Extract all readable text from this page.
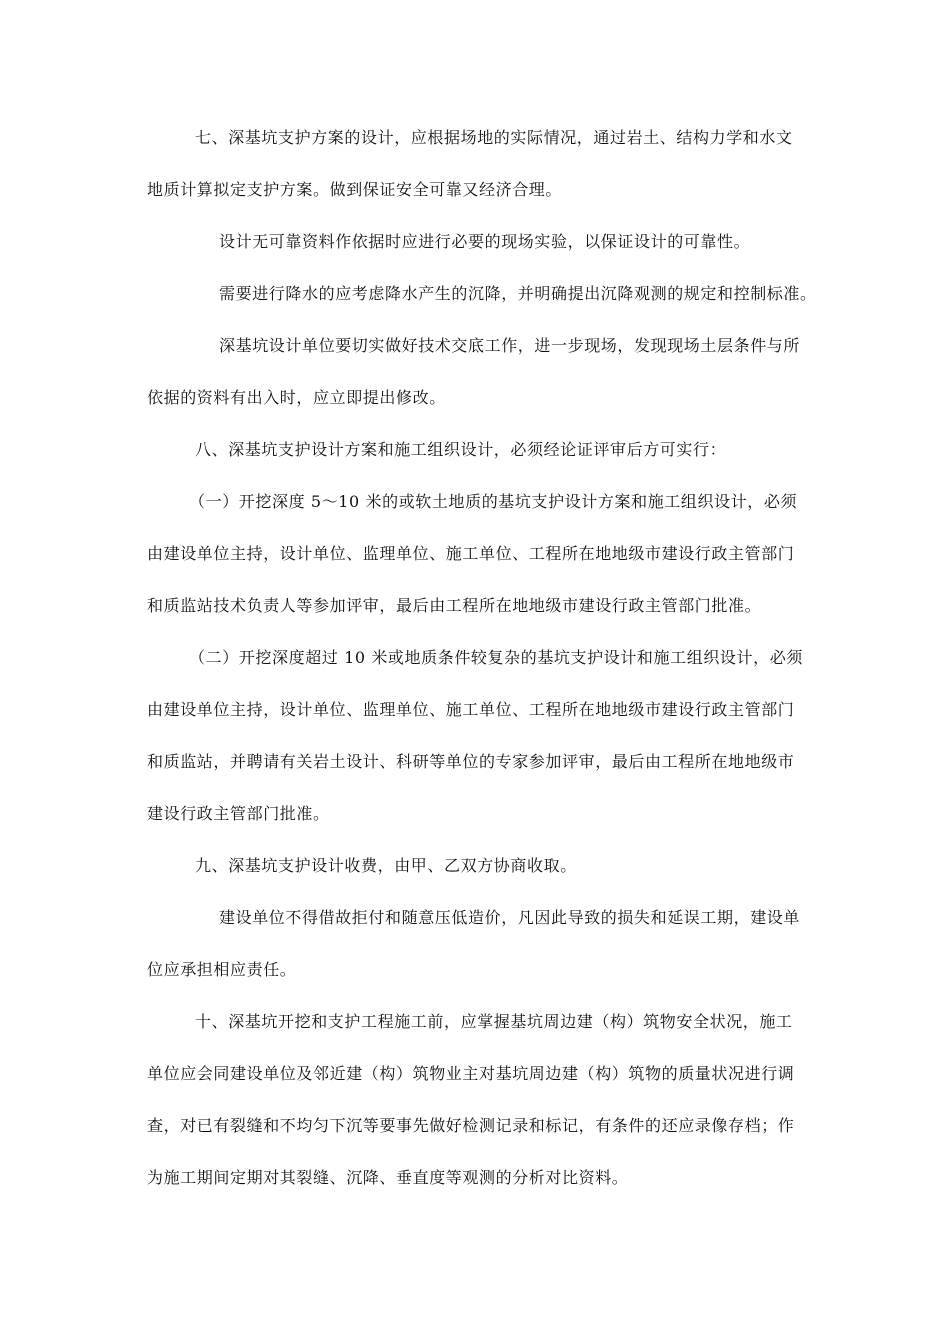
七、深基坑支护方案的设计，应根据场地的实际情况，通过岩土、结构力学和水文

地质计算拟定支护方案。做到保证安全可靠又经济合理。

设计无可靠资料作依据时应进行必要的现场实验，以保证设计的可靠性。

需要进行降水的应考虑降水产生的沉降，并明确提出沉降观测的规定和控制标准。

深基坑设计单位要切实做好技术交底工作，进一步现场，发现现场土层条件与所

依据的资料有出入时，应立即提出修改。

八、深基坑支护设计方案和施工组织设计，必须经论证评审后方可实行：

（一）开挖深度 5～10 米的或软土地质的基坑支护设计方案和施工组织设计，必须

由建设单位主持，设计单位、监理单位、施工单位、工程所在地地级市建设行政主管部门

和质监站技术负责人等参加评审，最后由工程所在地地级市建设行政主管部门批准。

（二）开挖深度超过 10 米或地质条件较复杂的基坑支护设计和施工组织设计，必须

由建设单位主持，设计单位、监理单位、施工单位、工程所在地地级市建设行政主管部门

和质监站，并聘请有关岩土设计、科研等单位的专家参加评审，最后由工程所在地地级市

建设行政主管部门批准。

九、深基坑支护设计收费，由甲、乙双方协商收取。

建设单位不得借故拒付和随意压低造价，凡因此导致的损失和延误工期，建设单

位应承担相应责任。

十、深基坑开挖和支护工程施工前，应掌握基坑周边建（构）筑物安全状况，施工

单位应会同建设单位及邻近建（构）筑物业主对基坑周边建（构）筑物的质量状况进行调

查，对已有裂缝和不均匀下沉等要事先做好检测记录和标记，有条件的还应录像存档；作

为施工期间定期对其裂缝、沉降、垂直度等观测的分析对比资料。
